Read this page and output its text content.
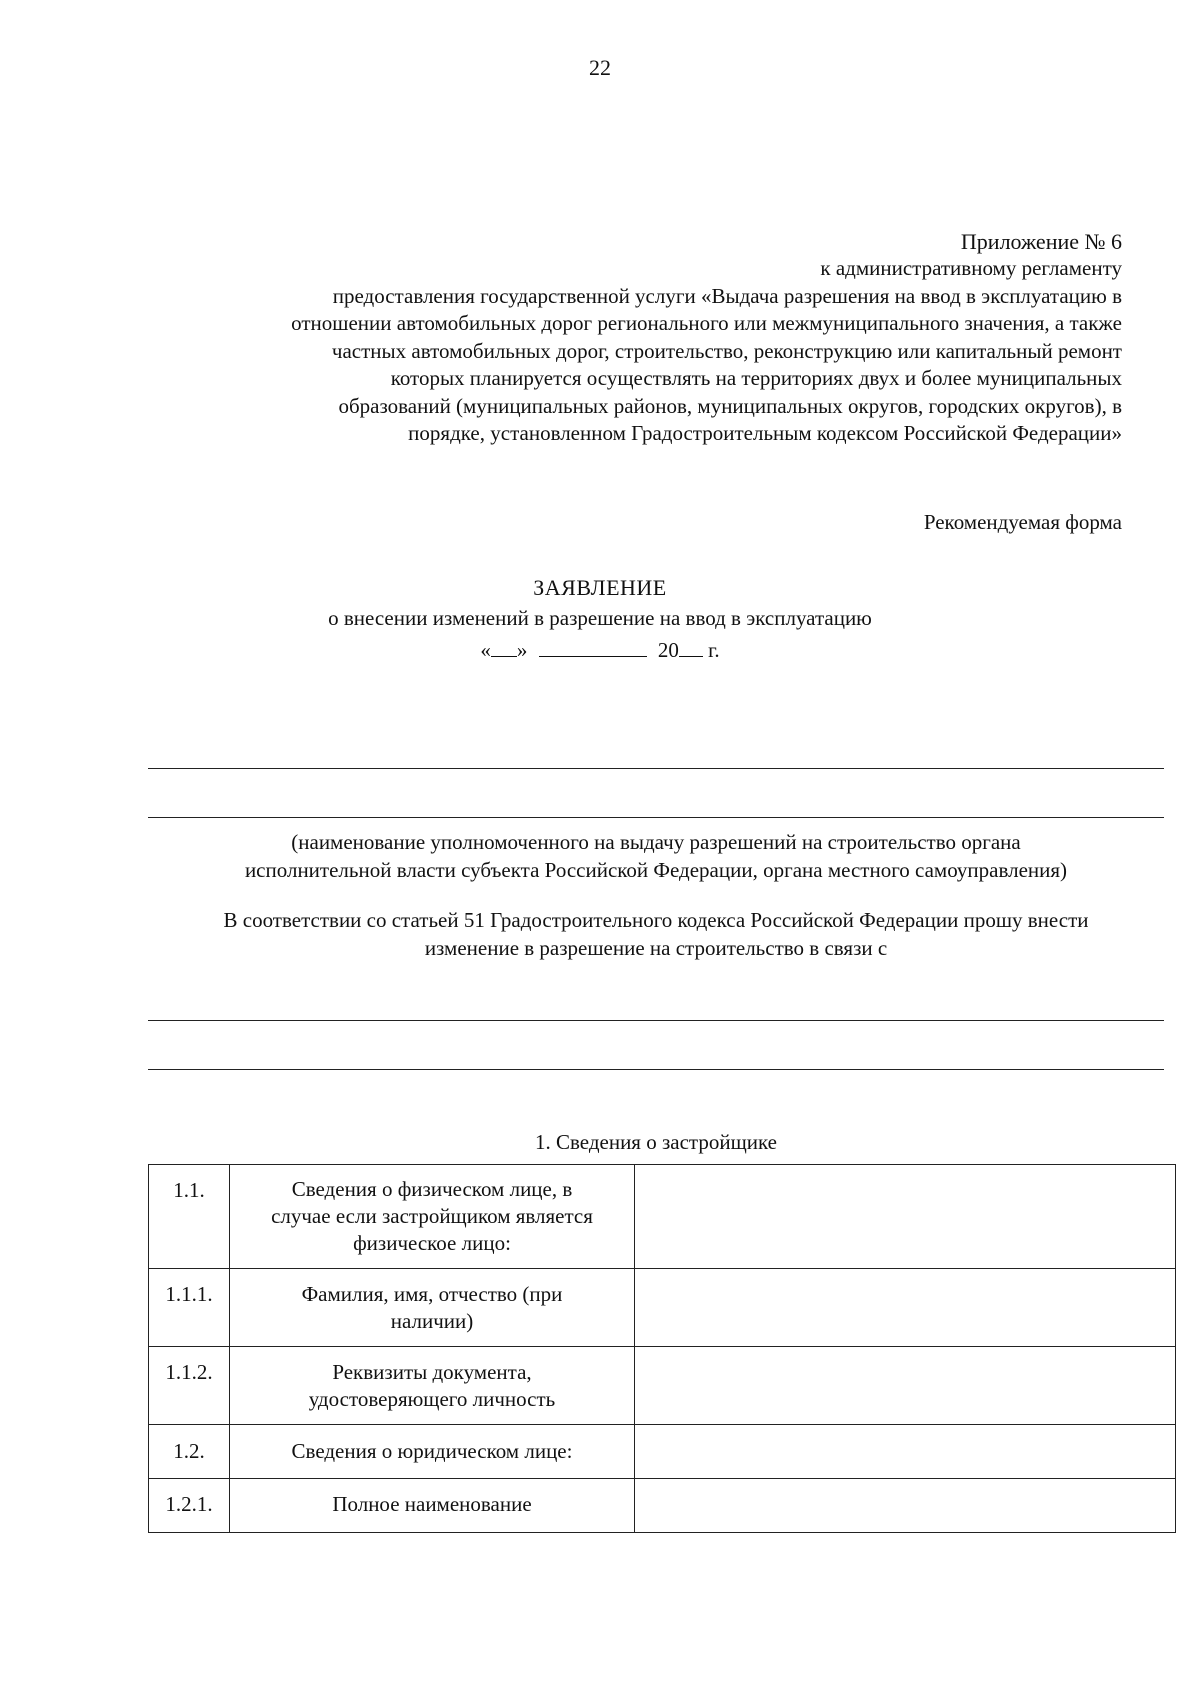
22
Приложение № 6
к административному регламенту
предоставления государственной услуги «Выдача разрешения на ввод в эксплуатацию в
отношении автомобильных дорог регионального или межмуниципального значения, а также
частных автомобильных дорог, строительство, реконструкцию или капитальный ремонт
которых планируется осуществлять на территориях двух и более муниципальных
образований (муниципальных районов, муниципальных округов, городских округов), в
порядке, установленном Градостроительным кодексом Российской Федерации»
Рекомендуемая форма
ЗАЯВЛЕНИЕ
о внесении изменений в разрешение на ввод в эксплуатацию
« »	20 г.
(наименование уполномоченного на выдачу разрешений на строительство органа
исполнительной власти субъекта Российской Федерации, органа местного самоуправления)
В соответствии со статьей 51 Градостроительного кодекса Российской Федерации прошу внести
изменение в разрешение на строительство в связи с
1. Сведения о застройщике
1.1.	Сведения о физическом лице, в
случае если застройщиком является
физическое лицо:	

1.1.1.	Фамилия, имя, отчество (при
наличии)	

1.1.2.	Реквизиты документа,
удостоверяющего личность	

1.2.	Сведения о юридическом лице:	

1.2.1.	Полное наименование	
